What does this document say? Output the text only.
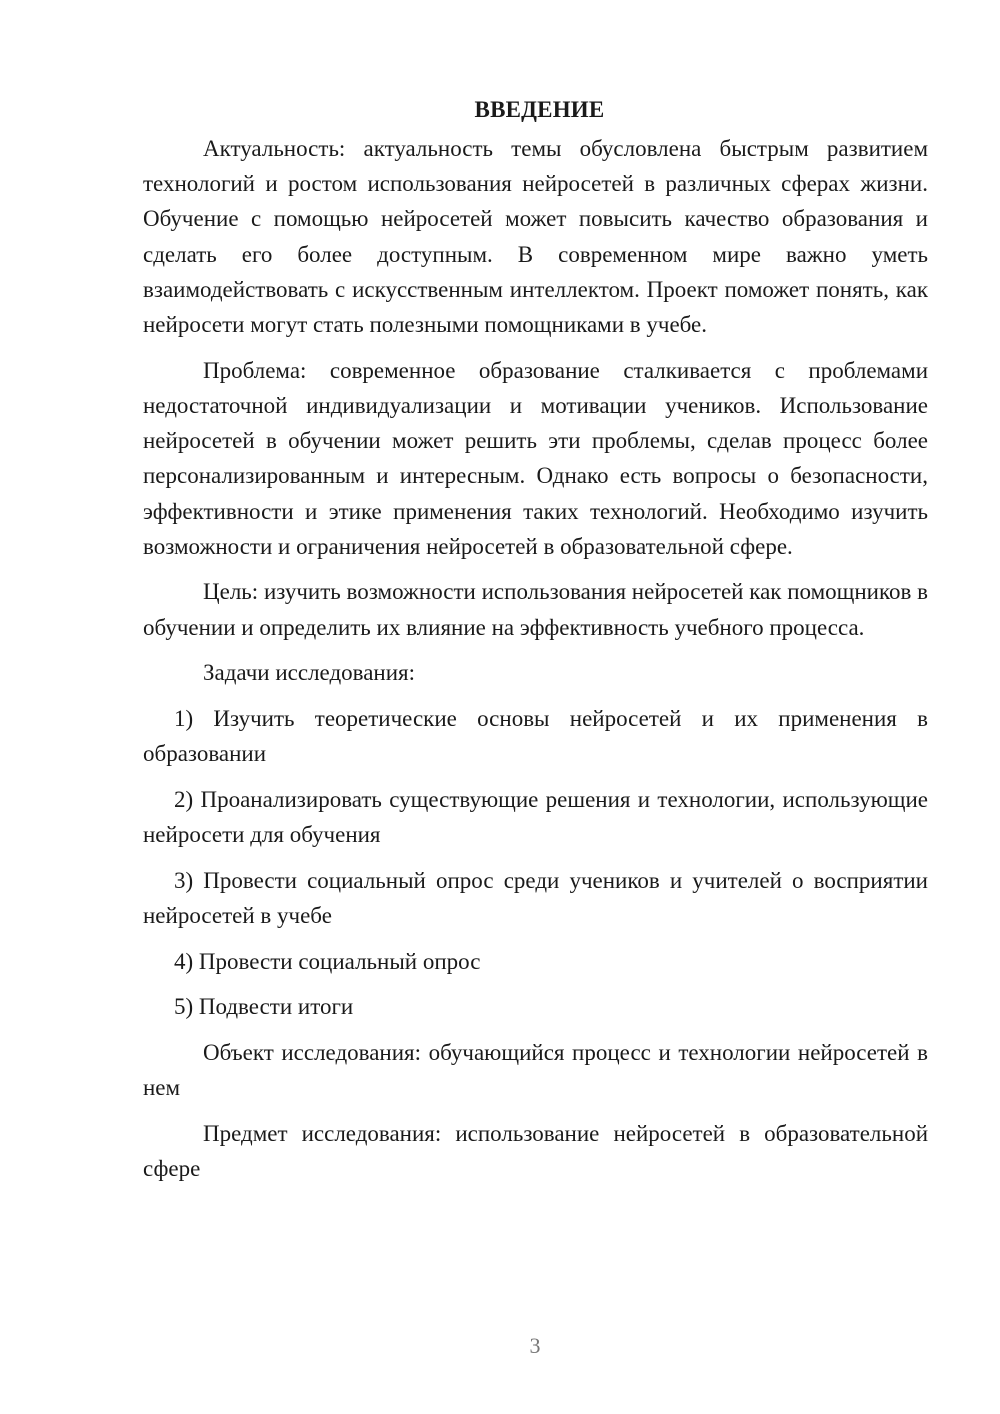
ВВЕДЕНИЕ

Актуальность: актуальность темы обусловлена быстрым развитием технологий и ростом использования нейросетей в различных сферах жизни. Обучение с помощью нейросетей может повысить качество образования и сделать его более доступным. В современном мире важно уметь взаимодействовать с искусственным интеллектом. Проект поможет понять, как нейросети могут стать полезными помощниками в учебе.

Проблема: современное образование сталкивается с проблемами недостаточной индивидуализации и мотивации учеников. Использование нейросетей в обучении может решить эти проблемы, сделав процесс более персонализированным и интересным. Однако есть вопросы о безопасности, эффективности и этике применения таких технологий. Необходимо изучить возможности и ограничения нейросетей в образовательной сфере.

Цель: изучить возможности использования нейросетей как помощников в обучении и определить их влияние на эффективность учебного процесса.

Задачи исследования:

1) Изучить теоретические основы нейросетей и их применения в образовании

2) Проанализировать существующие решения и технологии, использующие нейросети для обучения

3) Провести социальный опрос среди учеников и учителей о восприятии нейросетей в учебе

4) Провести социальный опрос

5) Подвести итоги

Объект исследования: обучающийся процесс и технологии нейросетей в нем

Предмет исследования: использование нейросетей в образовательной сфере

3
